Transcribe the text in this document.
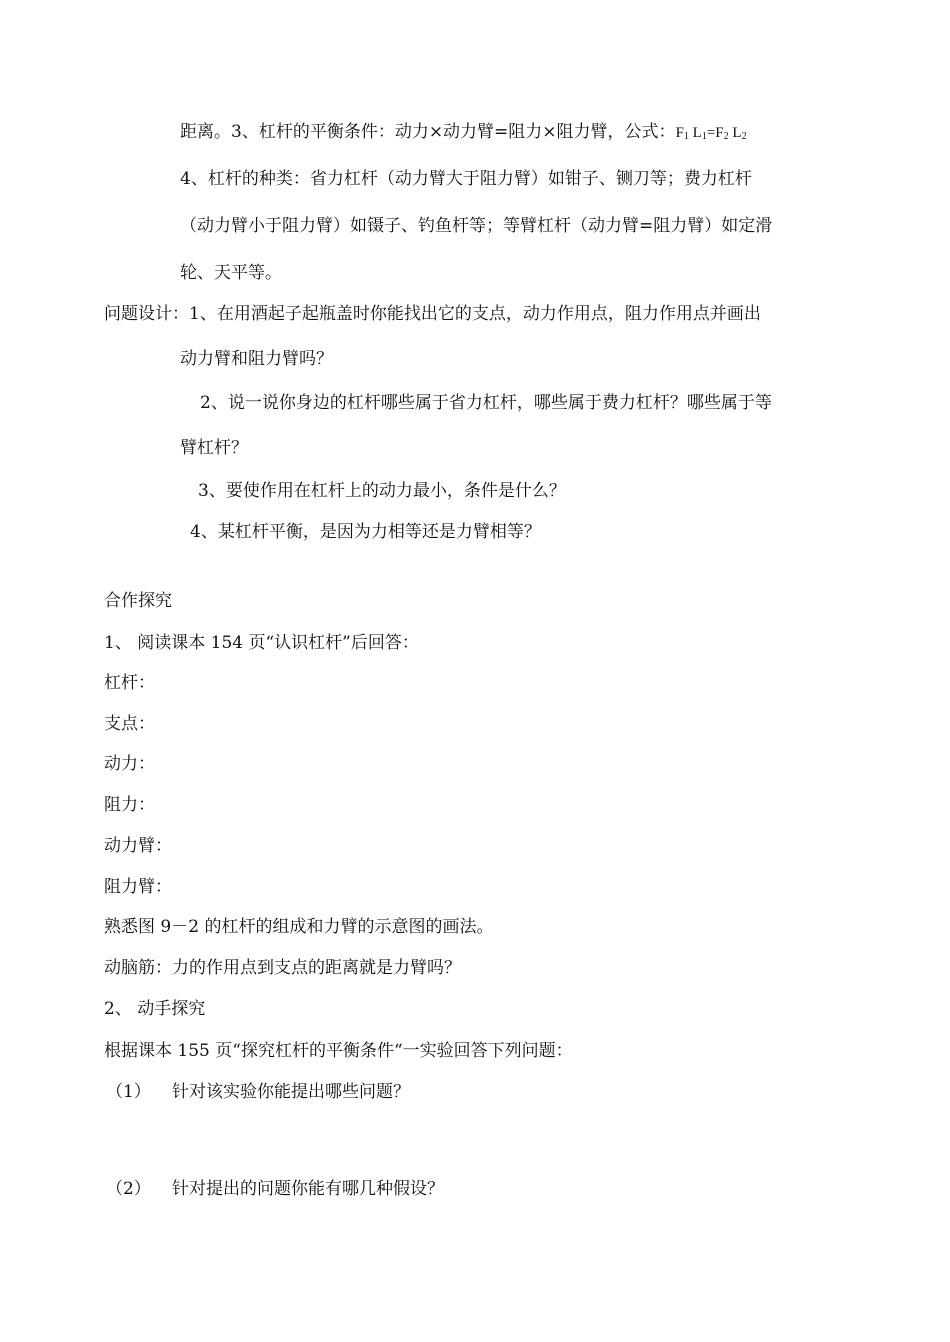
距离。3、杠杆的平衡条件：动力×动力臂=阻力×阻力臂，公式：$F_1$ $L_1=F_2$ $L_2$
4、杠杆的种类：省力杠杆（动力臂大于阻力臂）如钳子、铡刀等；费力杠杆
（动力臂小于阻力臂）如镊子、钓鱼杆等；等臂杠杆（动力臂=阻力臂）如定滑
轮、天平等。
问题设计：1、在用酒起子起瓶盖时你能找出它的支点，动力作用点，阻力作用点并画出
动力臂和阻力臂吗？
2、说一说你身边的杠杆哪些属于省力杠杆，哪些属于费力杠杆？哪些属于等
臂杠杆？
3、要使作用在杠杆上的动力最小，条件是什么？
4、某杠杆平衡，是因为力相等还是力臂相等？
合作探究
1、 阅读课本 154 页“认识杠杆”后回答：
杠杆：
支点：
动力：
阻力：
动力臂：
阻力臂：
熟悉图 9－2 的杠杆的组成和力臂的示意图的画法。
动脑筋：力的作用点到支点的距离就是力臂吗？
2、 动手探究
根据课本 155 页“探究杠杆的平衡条件“一实验回答下列问题：
（1） 针对该实验你能提出哪些问题？
（2） 针对提出的问题你能有哪几种假设？
